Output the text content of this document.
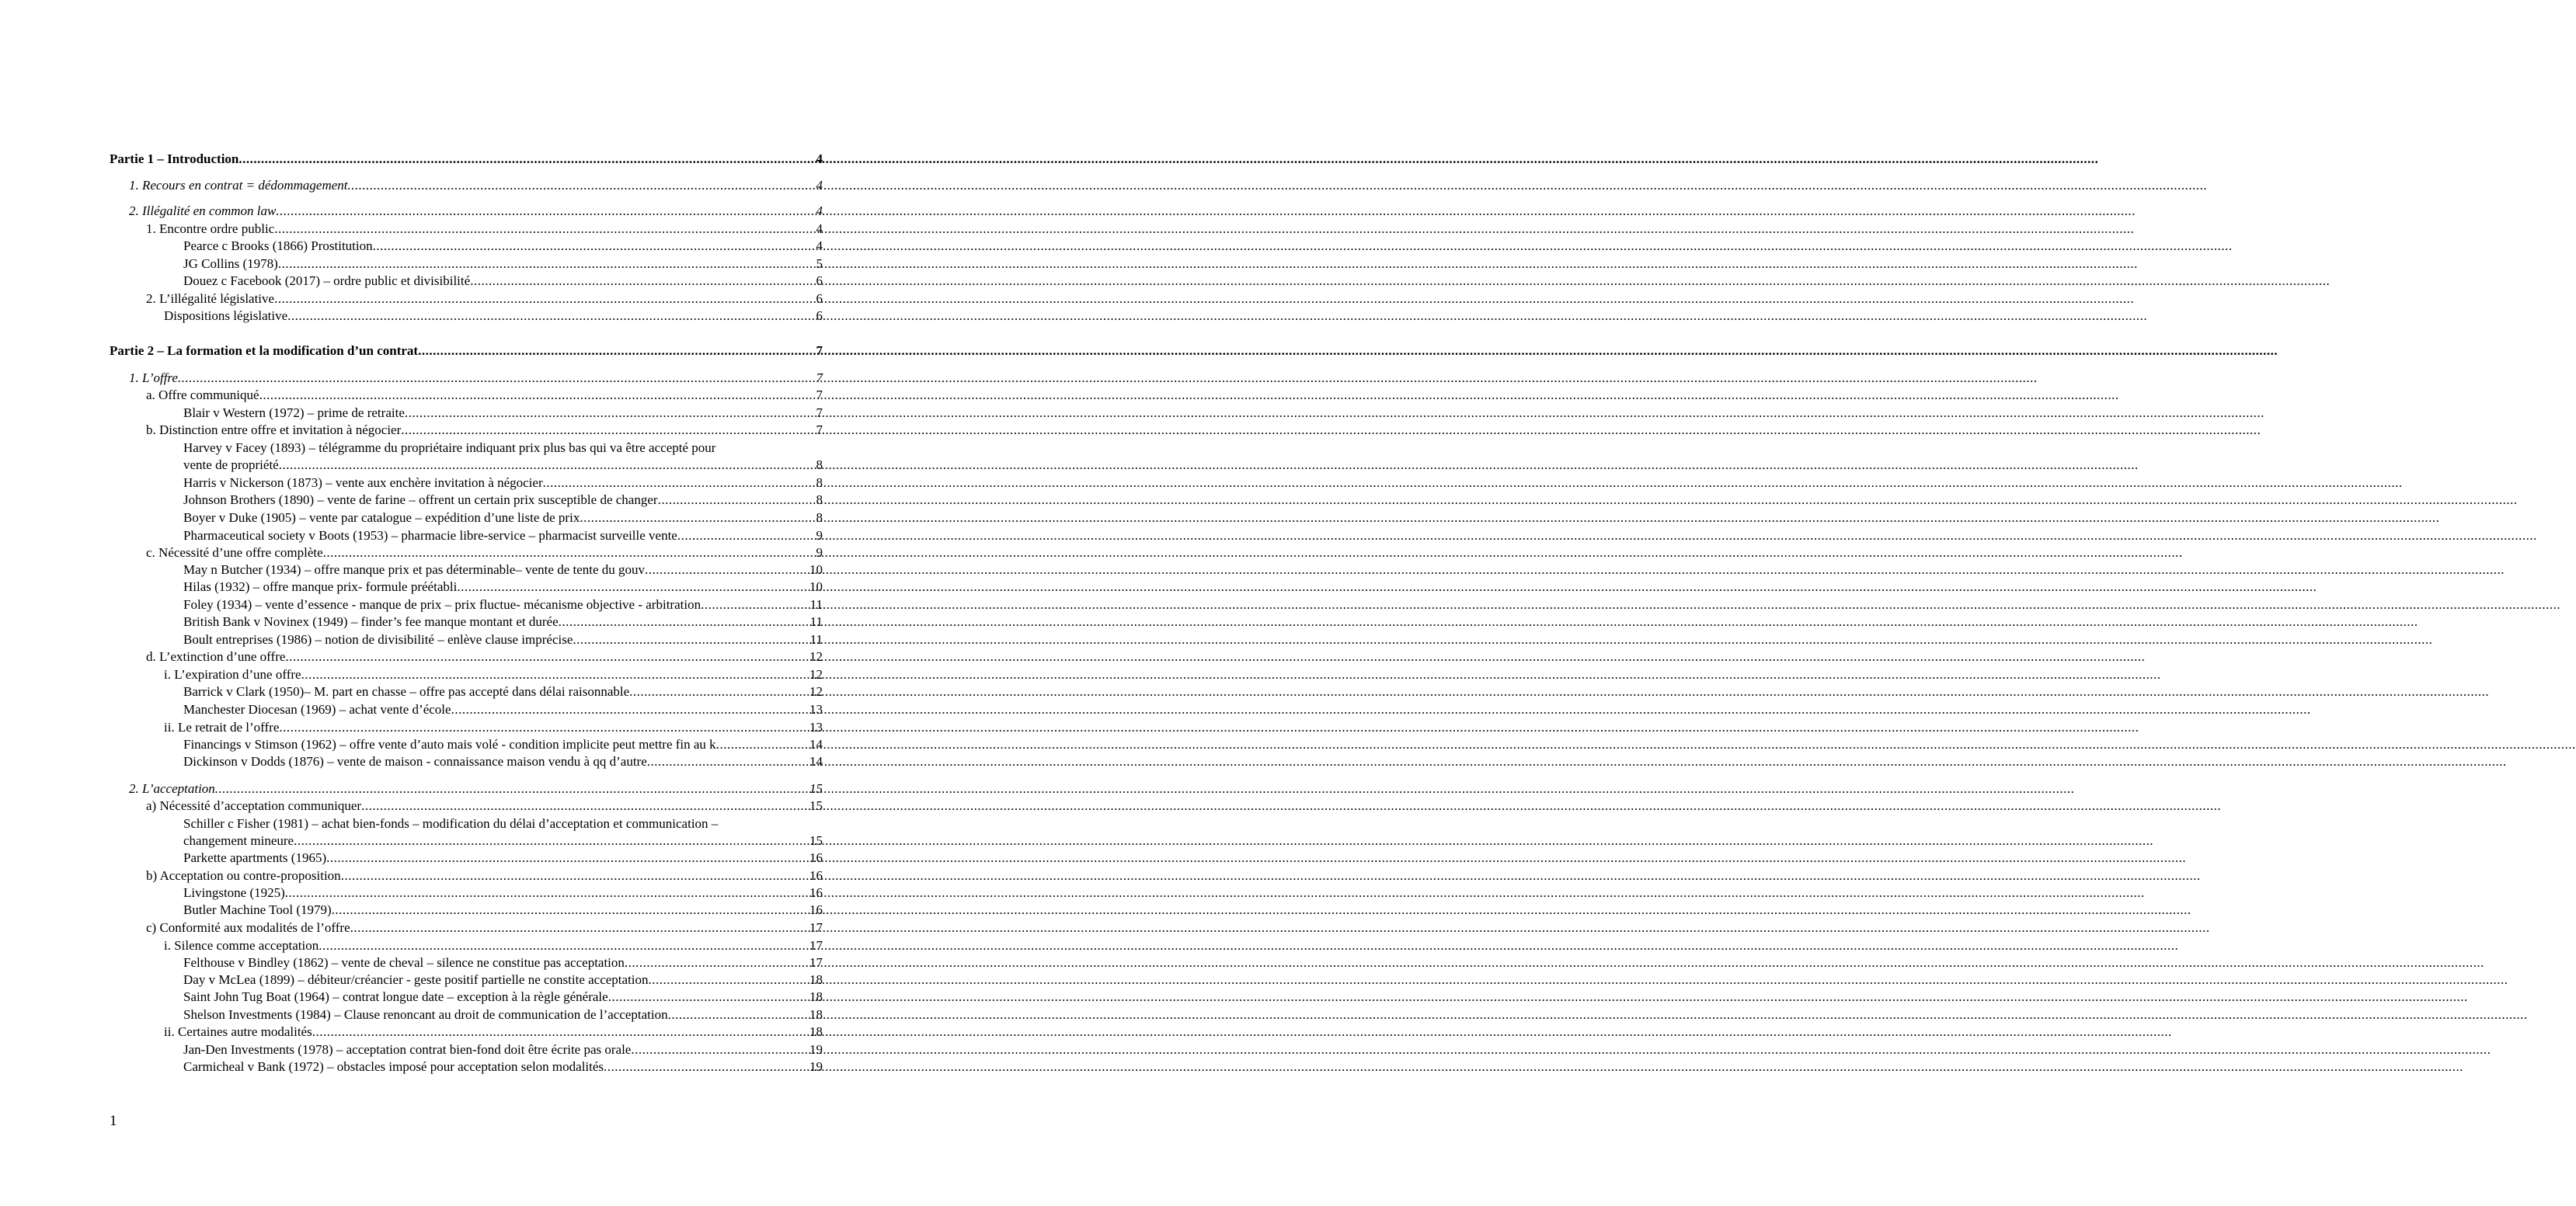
Partie 1 – Introduction .....	4
1. Recours en contrat = dédommagement .....	4
2. Illégalité en common law .....	4
1. Encontre ordre public .....	4
Pearce c Brooks (1866) Prostitution .....	4
JG Collins (1978) .....	5
Douez c Facebook (2017) – ordre public et divisibilité .....	6
2. L’illégalité législative .....	6
Dispositions législative .....	6
Partie 2 – La formation et la modification d’un contrat .....	7
1. L’offre .....	7
a. Offre communiqué .....	7
Blair v Western (1972) – prime de retraite .....	7
b. Distinction entre offre et invitation à négocier .....	7
Harvey v Facey (1893) – télégramme du propriétaire indiquant prix plus bas qui va être accepté pour
vente de propriété .....	8
Harris v Nickerson (1873) – vente aux enchère invitation à négocier .....	8
Johnson Brothers (1890) – vente de farine – offrent un certain prix susceptible de changer .....	8
Boyer v Duke (1905) – vente par catalogue – expédition d’une liste de prix .....	8
Pharmaceutical society v Boots (1953) – pharmacie libre-service – pharmacist surveille vente .....	9
c. Nécessité d’une offre complète .....	9
May n Butcher (1934) – offre manque prix et pas déterminable– vente de tente du gouv .....	10
Hilas (1932) – offre manque prix- formule préétabli .....	10
Foley (1934) – vente d’essence - manque de prix – prix fluctue- mécanisme objective - arbitration .....	11
British Bank v Novinex (1949) – finder’s fee manque montant et durée .....	11
Boult entreprises (1986) – notion de divisibilité – enlève clause imprécise .....	11
d. L’extinction d’une offre .....	12
i. L’expiration d’une offre .....	12
Barrick v Clark (1950)– M. part en chasse – offre pas accepté dans délai raisonnable .....	12
Manchester Diocesan (1969) – achat vente d’école .....	13
ii. Le retrait de l’offre .....	13
Financings v Stimson (1962) – offre vente d’auto mais volé - condition implicite peut mettre fin au k .....	14
Dickinson v Dodds (1876) – vente de maison - connaissance maison vendu à qq d’autre .....	14
2. L’acceptation .....	15
a) Nécessité d’acceptation communiquer .....	15
Schiller c Fisher (1981) – achat bien-fonds – modification du délai d’acceptation et communication –
changement mineure .....	15
Parkette apartments (1965) .....	16
b) Acceptation ou contre-proposition .....	16
Livingstone (1925) .....	16
Butler Machine Tool (1979) .....	16
c) Conformité aux modalités de l’offre .....	17
i. Silence comme acceptation .....	17
Felthouse v Bindley (1862) – vente de cheval – silence ne constitue pas acceptation .....	17
Day v McLea (1899) – débiteur/créancier - geste positif partielle ne constite acceptation .....	18
Saint John Tug Boat (1964) – contrat longue date – exception à la règle générale .....	18
Shelson Investments (1984) – Clause renoncant au droit de communication de l’acceptation .....	18
ii. Certaines autre modalités .....	18
Jan-Den Investments (1978) – acceptation contrat bien-fond doit être écrite pas orale .....	19
Carmicheal v Bank (1972) – obstacles imposé pour acceptation selon modalités .....	19
1
